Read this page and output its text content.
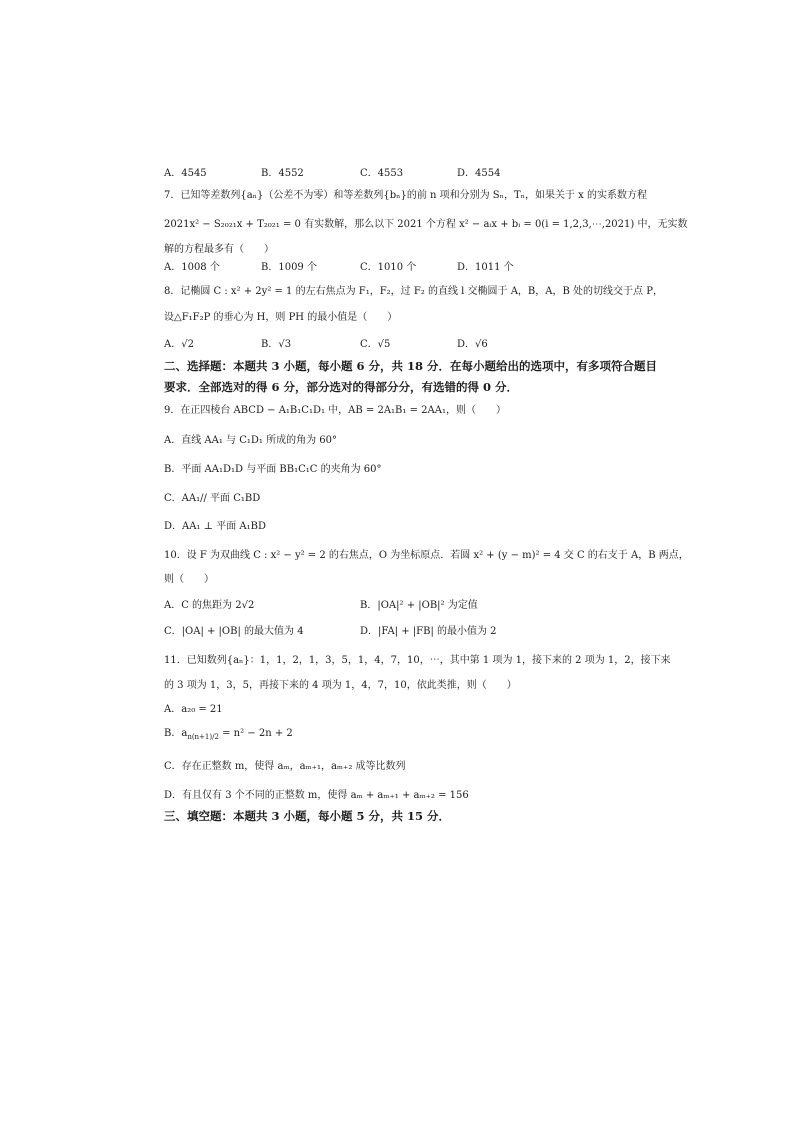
A．4545	B．4552	C．4553	D．4554
7．已知等差数列{aₙ}（公差不为零）和等差数列{bₙ}的前 n 项和分别为 Sₙ，Tₙ，如果关于 x 的实系数方程
2021x² − S₂₀₂₁x + T₂₀₂₁ = 0 有实数解，那么以下 2021 个方程 x² − aᵢx + bᵢ = 0(i = 1,2,3,⋯,2021) 中，无实数
解的方程最多有（　　）
A．1008 个	B．1009 个	C．1010 个	D．1011 个
8．记椭圆 C : x² + 2y² = 1 的左右焦点为 F₁，F₂，过 F₂ 的直线 l 交椭圆于 A，B，A，B 处的切线交于点 P，
设△F₁F₂P 的垂心为 H，则 PH 的最小值是（　　）
A．√2	B．√3	C．√5	D．√6
二、选择题：本题共 3 小题，每小题 6 分，共 18 分．在每小题给出的选项中，有多项符合题目
要求．全部选对的得 6 分，部分选对的得部分分，有选错的得 0 分．
9．在正四棱台 ABCD − A₁B₁C₁D₁ 中，AB = 2A₁B₁ = 2AA₁，则（　　）
A．直线 AA₁ 与 C₁D₁ 所成的角为 60°
B．平面 AA₁D₁D 与平面 BB₁C₁C 的夹角为 60°
C．AA₁// 平面 C₁BD
D．AA₁ ⊥ 平面 A₁BD
10．设 F 为双曲线 C : x² − y² = 2 的右焦点，O 为坐标原点．若圆 x² + (y − m)² = 4 交 C 的右支于 A，B 两点，
则（　　）
A．C 的焦距为 2√2	B．|OA|² + |OB|² 为定值
C．|OA| + |OB| 的最大值为 4	D．|FA| + |FB| 的最小值为 2
11．已知数列{aₙ}：1，1，2，1，3，5，1，4，7，10，⋯，其中第 1 项为 1，接下来的 2 项为 1，2，接下来
的 3 项为 1，3，5，再接下来的 4 项为 1，4，7，10，依此类推，则（　　）
A．a₂₀ = 21
B．$a_{n(n+1)/2} = n^2 - 2n + 2$
C．存在正整数 m，使得 aₘ，aₘ₊₁，aₘ₊₂ 成等比数列
D．有且仅有 3 个不同的正整数 m，使得 aₘ + aₘ₊₁ + aₘ₊₂ = 156
三、填空题：本题共 3 小题，每小题 5 分，共 15 分．
